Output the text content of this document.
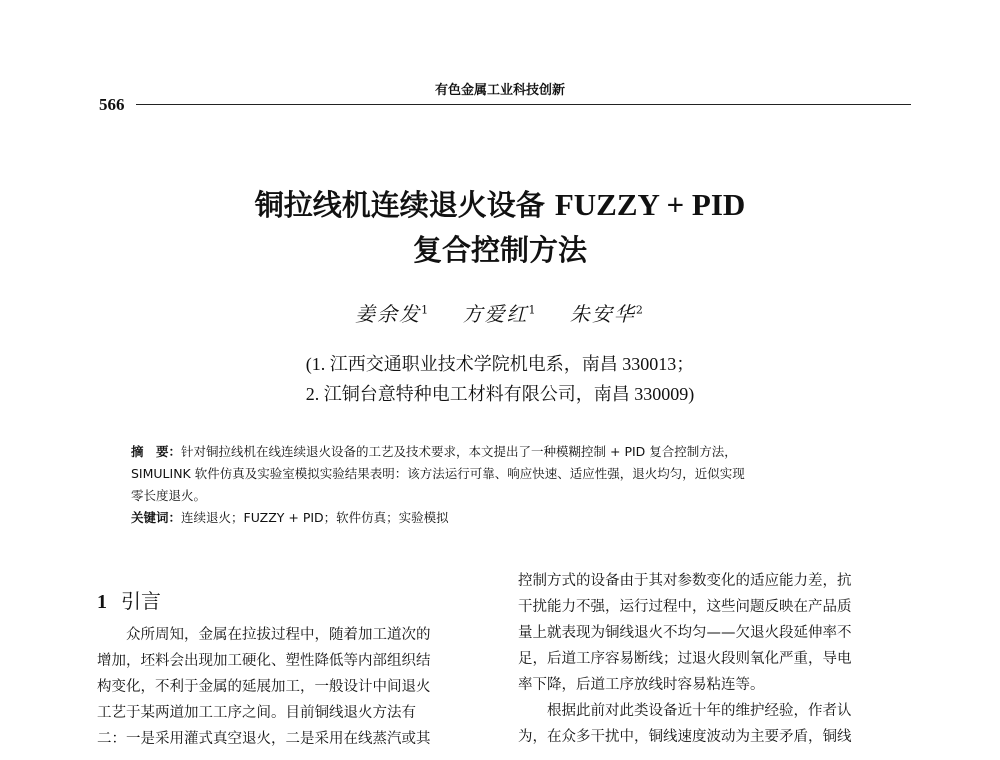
566
有色金属工业科技创新
铜拉线机连续退火设备 FUZZY + PID
复合控制方法
姜余发$^1$ 方爱红$^1$ 朱安华$^2$
(1. 江西交通职业技术学院机电系，南昌 330013；
2. 江铜台意特种电工材料有限公司，南昌 330009)

摘　要：针对铜拉线机在线连续退火设备的工艺及技术要求，本文提出了一种模糊控制 + PID 复合控制方法，

SIMULINK 软件仿真及实验室模拟实验结果表明：该方法运行可靠、响应快速、适应性强，退火均匀，近似实现

零长度退火。

关键词：连续退火；FUZZY + PID；软件仿真；实验模拟

1 引言

众所周知，金属在拉拔过程中，随着加工道次的

增加，坯料会出现加工硬化、塑性降低等内部组织结

构变化，不利于金属的延展加工，一般设计中间退火

工艺于某两道加工工序之间。目前铜线退火方法有

二：一是采用灌式真空退火，二是采用在线蒸汽或其

控制方式的设备由于其对参数变化的适应能力差，抗

干扰能力不强，运行过程中，这些问题反映在产品质

量上就表现为铜线退火不均匀——欠退火段延伸率不

足，后道工序容易断线；过退火段则氧化严重，导电

率下降，后道工序放线时容易粘连等。

根据此前对此类设备近十年的维护经验，作者认

为，在众多干扰中，铜线速度波动为主要矛盾，铜线
